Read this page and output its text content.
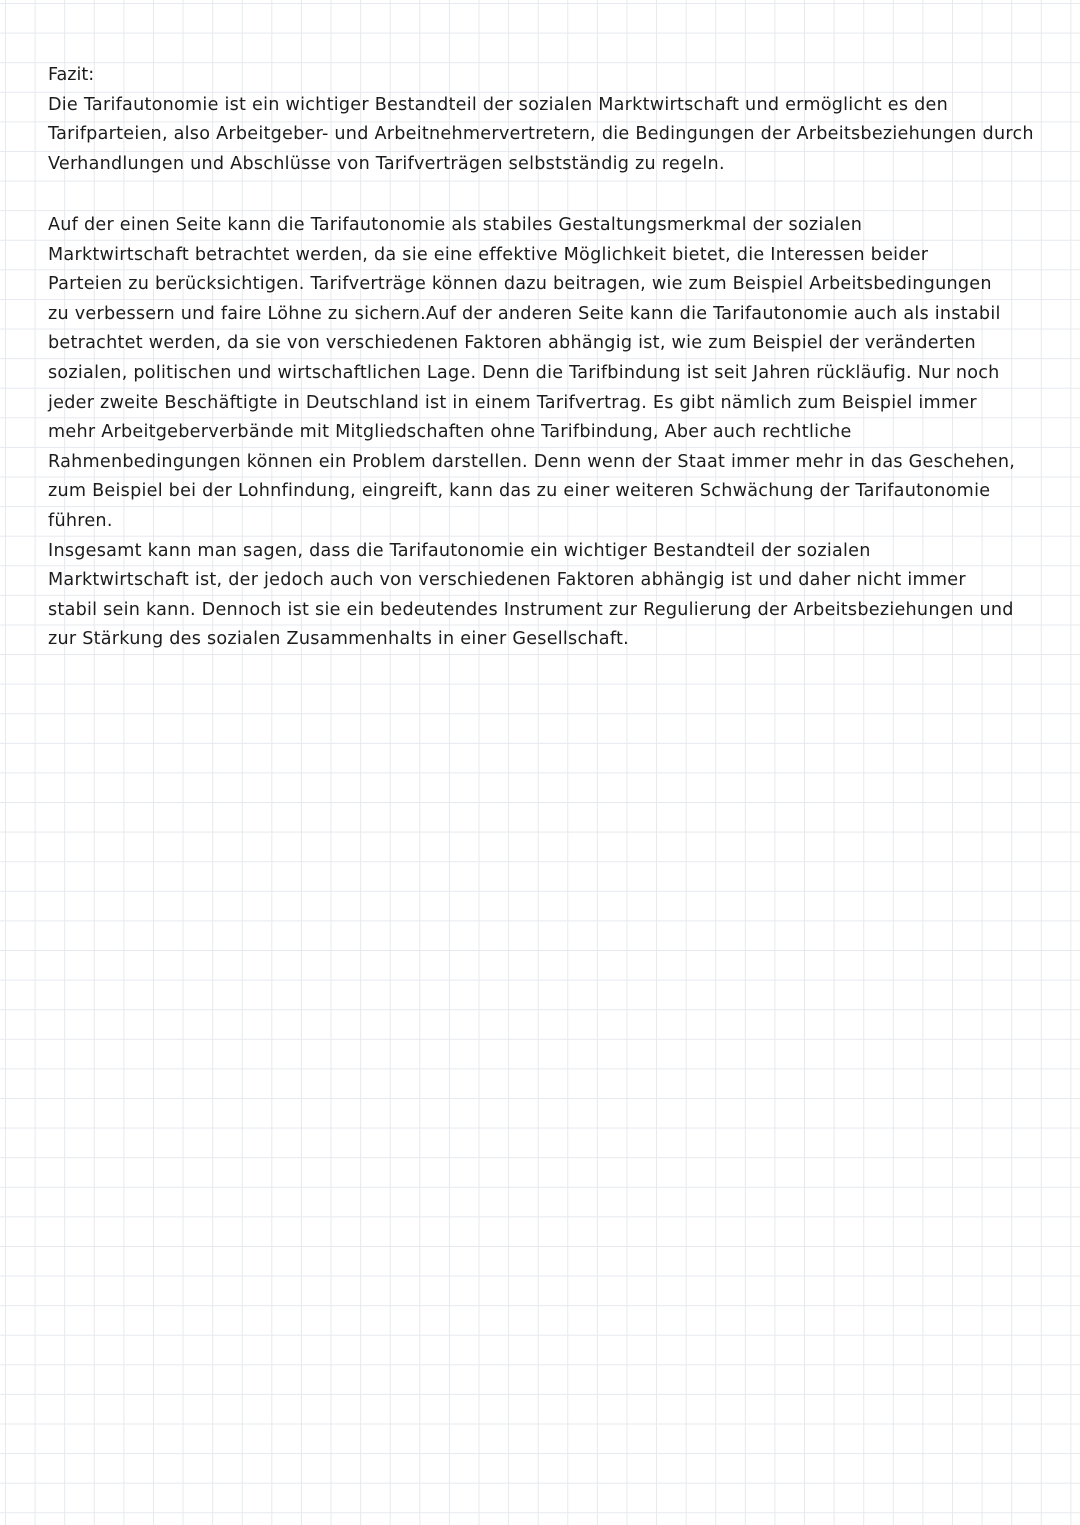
Fazit:

Die Tarifautonomie ist ein wichtiger Bestandteil der sozialen Marktwirtschaft und ermöglicht es den

Tarifparteien, also Arbeitgeber- und Arbeitnehmervertretern, die Bedingungen der Arbeitsbeziehungen durch

Verhandlungen und Abschlüsse von Tarifverträgen selbstständig zu regeln.

Auf der einen Seite kann die Tarifautonomie als stabiles Gestaltungsmerkmal der sozialen

Marktwirtschaft betrachtet werden, da sie eine effektive Möglichkeit bietet, die Interessen beider

Parteien zu berücksichtigen. Tarifverträge können dazu beitragen, wie zum Beispiel Arbeitsbedingungen

zu verbessern und faire Löhne zu sichern.Auf der anderen Seite kann die Tarifautonomie auch als instabil

betrachtet werden, da sie von verschiedenen Faktoren abhängig ist, wie zum Beispiel der veränderten

sozialen, politischen und wirtschaftlichen Lage. Denn die Tarifbindung ist seit Jahren rückläufig. Nur noch

jeder zweite Beschäftigte in Deutschland ist in einem Tarifvertrag. Es gibt nämlich zum Beispiel immer

mehr Arbeitgeberverbände mit Mitgliedschaften ohne Tarifbindung, Aber auch rechtliche

Rahmenbedingungen können ein Problem darstellen. Denn wenn der Staat immer mehr in das Geschehen,

zum Beispiel bei der Lohnfindung, eingreift, kann das zu einer weiteren Schwächung der Tarifautonomie

führen.

Insgesamt kann man sagen, dass die Tarifautonomie ein wichtiger Bestandteil der sozialen

Marktwirtschaft ist, der jedoch auch von verschiedenen Faktoren abhängig ist und daher nicht immer

stabil sein kann. Dennoch ist sie ein bedeutendes Instrument zur Regulierung der Arbeitsbeziehungen und

zur Stärkung des sozialen Zusammenhalts in einer Gesellschaft.
